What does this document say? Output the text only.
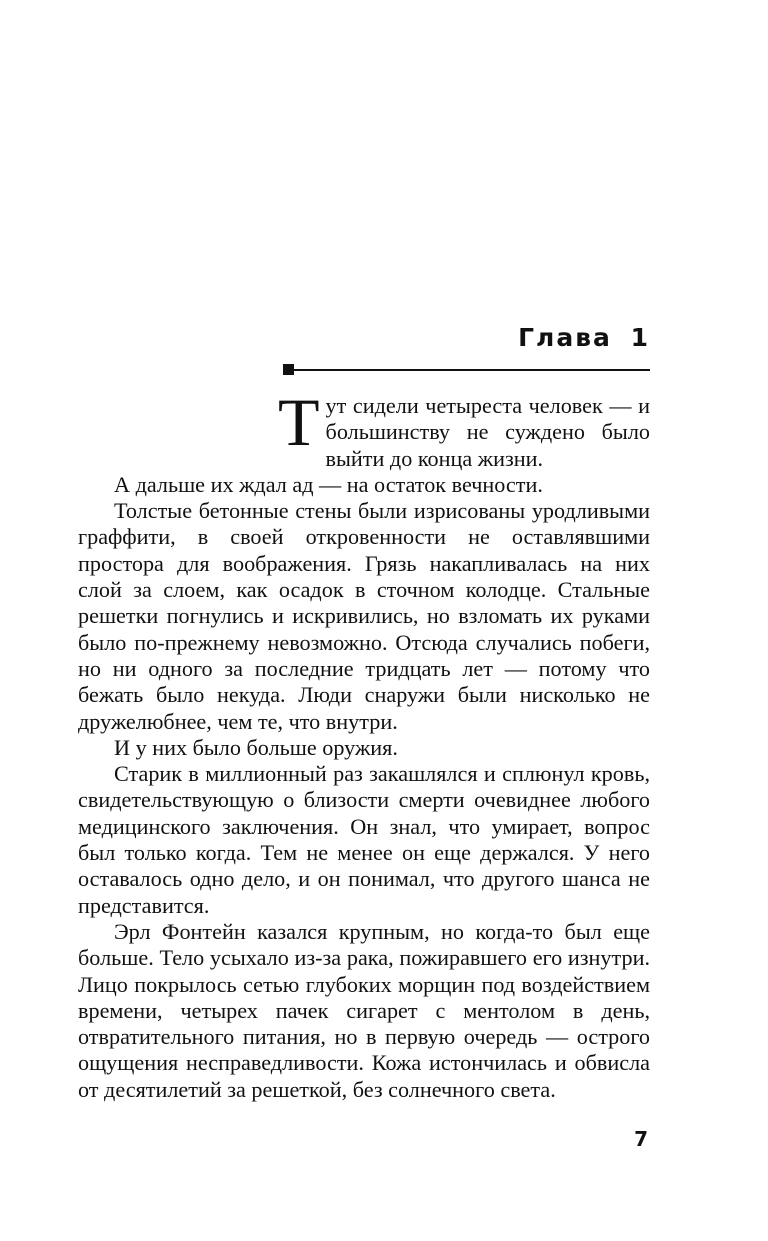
Глава 1

Тут сидели четыреста человек — и большинству не суждено было выйти до конца жизни.

А дальше их ждал ад — на остаток вечности.

Толстые бетонные стены были изрисованы уродливыми граффити, в своей откровенности не оставлявшими простора для воображения. Грязь накапливалась на них слой за слоем, как осадок в сточном колодце. Стальные решетки погнулись и искривились, но взломать их руками было по-прежнему невозможно. Отсюда случались побеги, но ни одного за последние тридцать лет — потому что бежать было некуда. Люди снаружи были нисколько не дружелюбнее, чем те, что внутри.

И у них было больше оружия.

Старик в миллионный раз закашлялся и сплюнул кровь, свидетельствующую о близости смерти очевиднее любого медицинского заключения. Он знал, что умирает, вопрос был только когда. Тем не менее он еще держался. У него оставалось одно дело, и он понимал, что другого шанса не представится.

Эрл Фонтейн казался крупным, но когда-то был еще больше. Тело усыхало из-за рака, пожиравшего его изнутри. Лицо покрылось сетью глубоких морщин под воздействием времени, четырех пачек сигарет с ментолом в день, отвратительного питания, но в первую очередь — острого ощущения несправедливости. Кожа истончилась и обвисла от десятилетий за решеткой, без солнечного света.

7
